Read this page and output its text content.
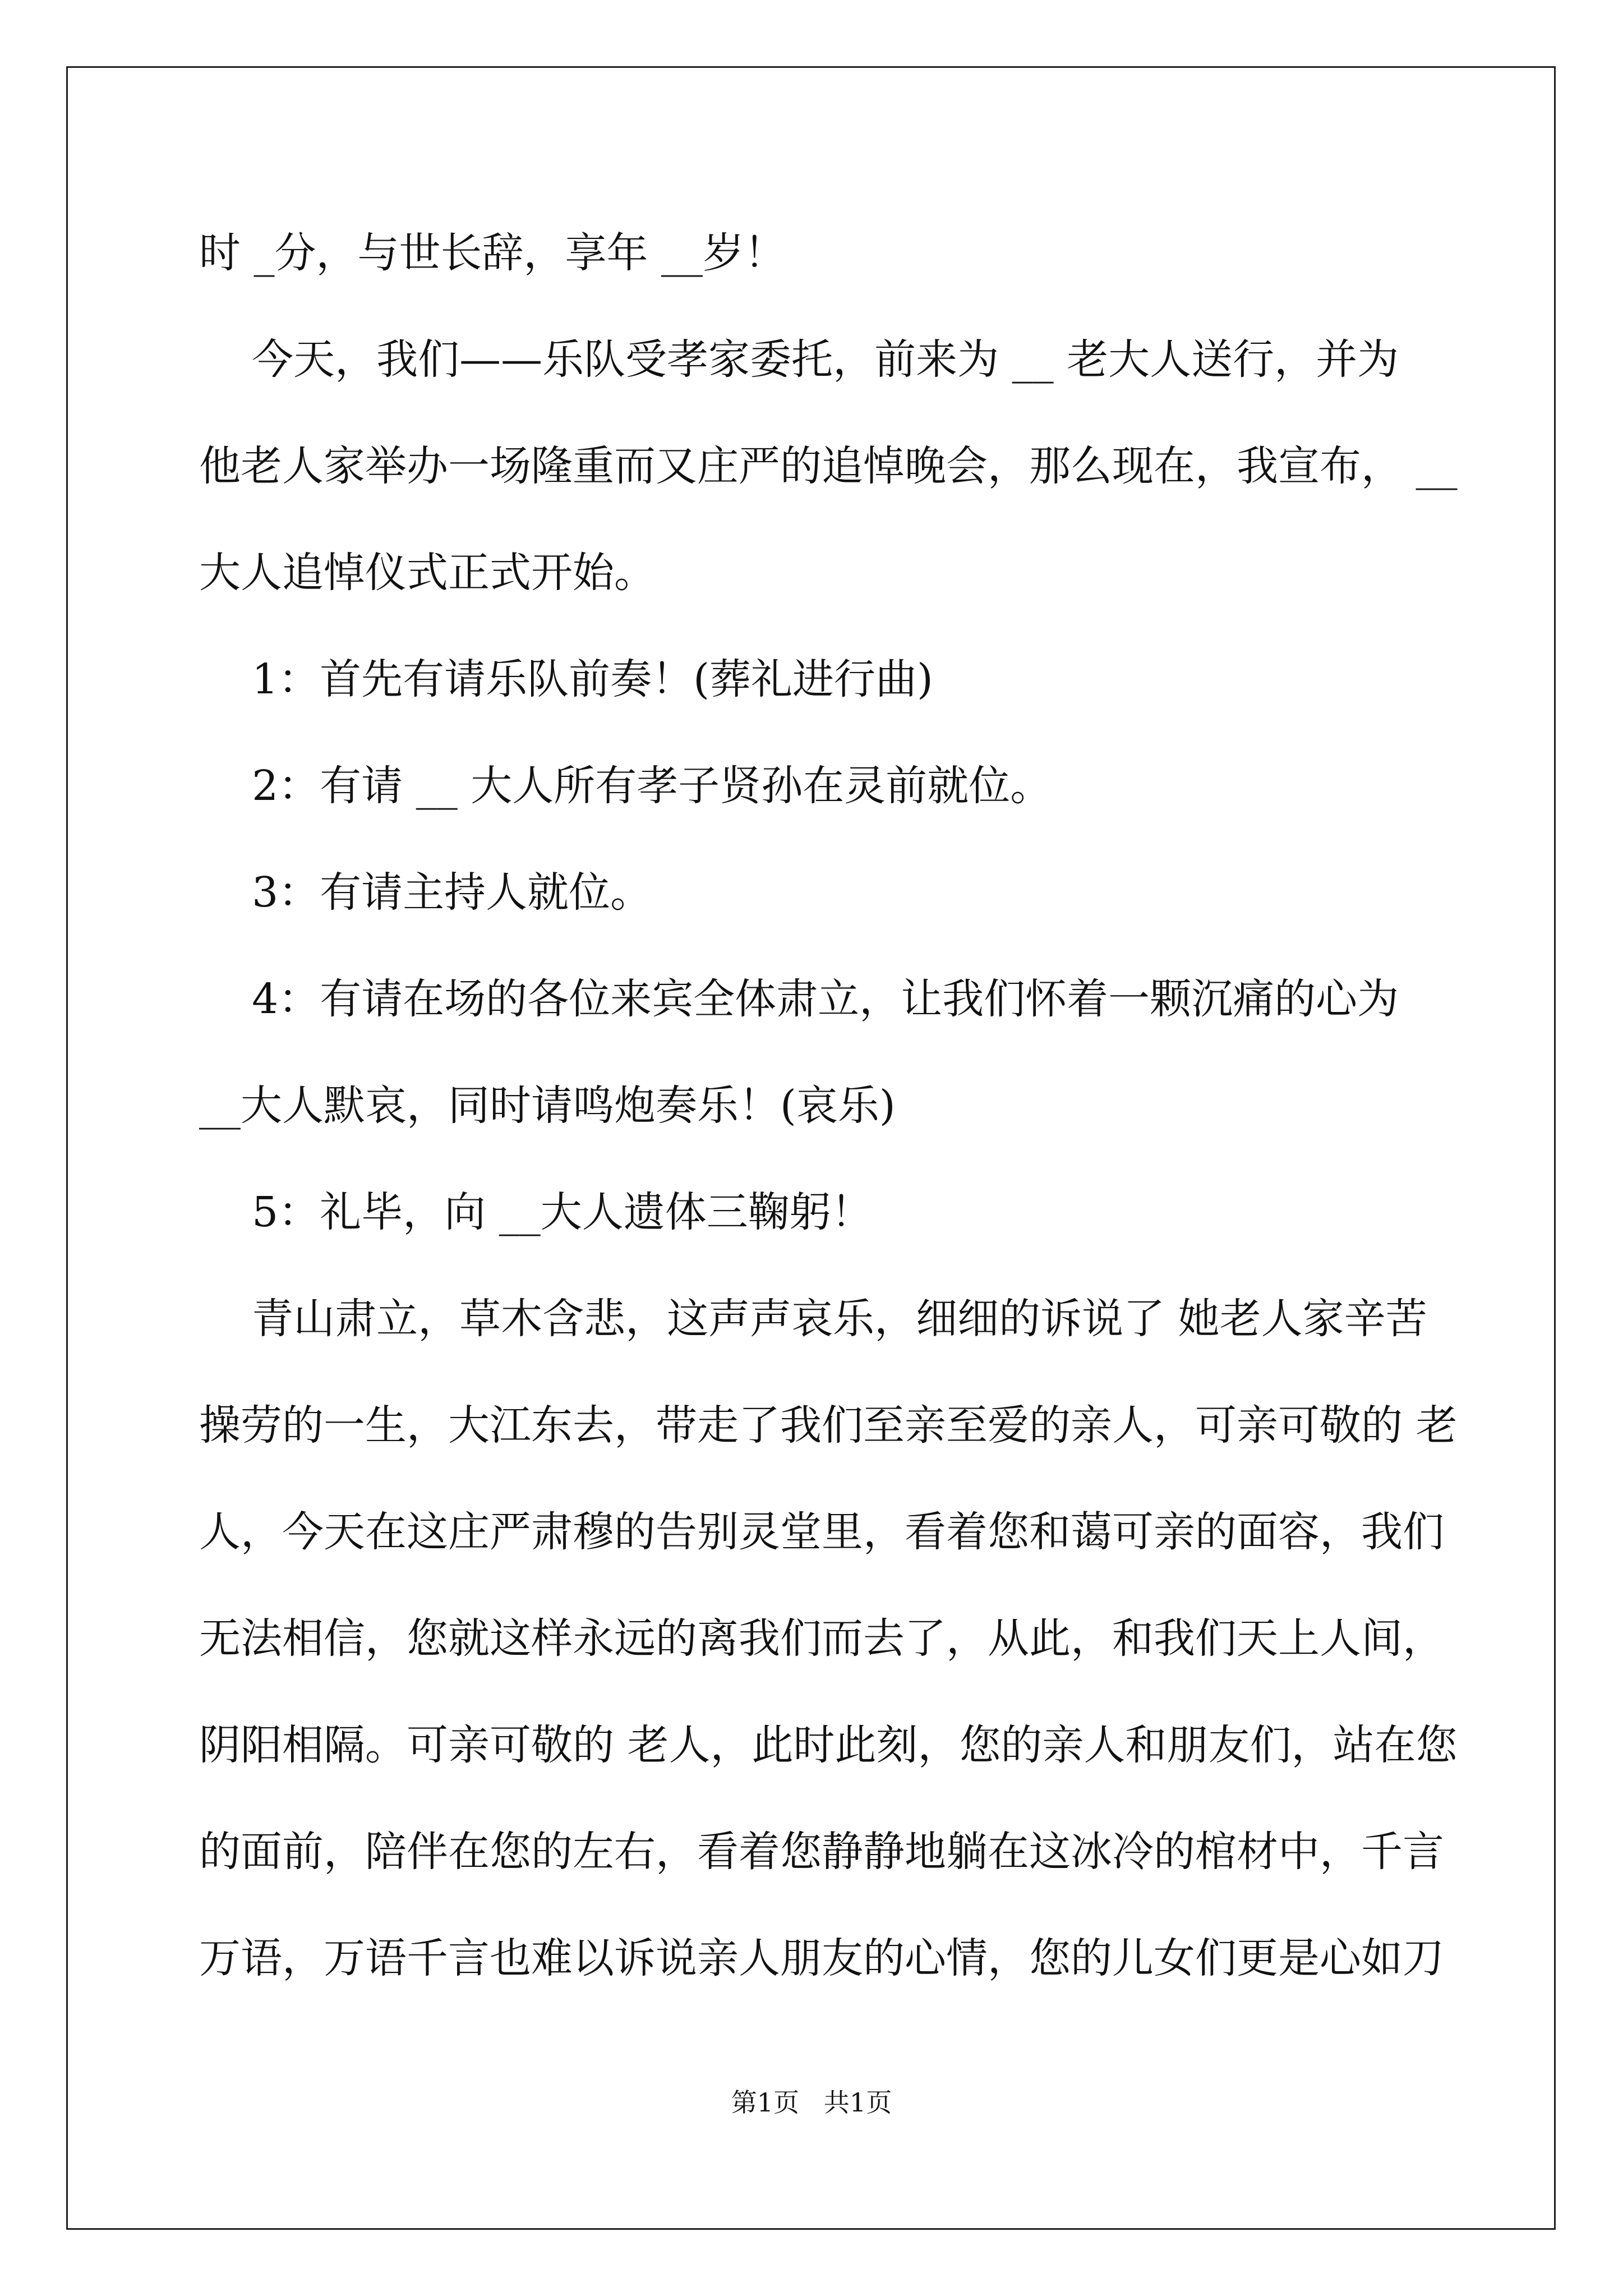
时 _分，与世长辞，享年 __岁！
今天，我们——乐队受孝家委托，前来为 __ 老大人送行，并为
他老人家举办一场隆重而又庄严的追悼晚会，那么现在，我宣布， __
大人追悼仪式正式开始。
1：首先有请乐队前奏！(葬礼进行曲)
2：有请 __ 大人所有孝子贤孙在灵前就位。
3：有请主持人就位。
4：有请在场的各位来宾全体肃立，让我们怀着一颗沉痛的心为
__大人默哀，同时请鸣炮奏乐！(哀乐)
5：礼毕，向 __大人遗体三鞠躬！
青山肃立，草木含悲，这声声哀乐，细细的诉说了 她老人家辛苦
操劳的一生，大江东去，带走了我们至亲至爱的亲人，可亲可敬的 老
人，今天在这庄严肃穆的告别灵堂里，看着您和蔼可亲的面容，我们
无法相信，您就这样永远的离我们而去了，从此，和我们天上人间，
阴阳相隔。可亲可敬的 老人，此时此刻，您的亲人和朋友们，站在您
的面前，陪伴在您的左右，看着您静静地躺在这冰冷的棺材中，千言
万语，万语千言也难以诉说亲人朋友的心情，您的儿女们更是心如刀
第1页   共1页
